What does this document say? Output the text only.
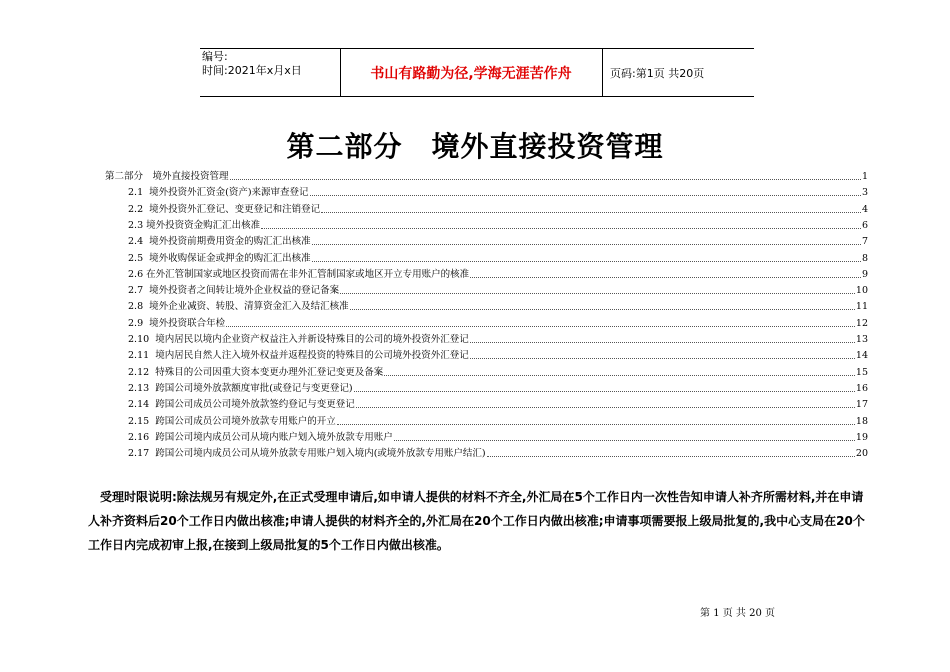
编号:
时间:2021年x月x日	书山有路勤为径,学海无涯苦作舟	页码:第1页 共20页
第二部分　境外直接投资管理
第二部分　境外直接投资管理	1
2.1  境外投资外汇资金(资产)来源审查登记	3
2.2  境外投资外汇登记、变更登记和注销登记	4
2.3 境外投资资金购汇汇出核准	6
2.4  境外投资前期费用资金的购汇汇出核准	7
2.5  境外收购保证金或押金的购汇汇出核准	8
2.6 在外汇管制国家或地区投资而需在非外汇管制国家或地区开立专用账户的核准	9
2.7  境外投资者之间转让境外企业权益的登记备案	10
2.8  境外企业减资、转股、清算资金汇入及结汇核准	11
2.9  境外投资联合年检	12
2.10  境内居民以境内企业资产权益注入并新设特殊目的公司的境外投资外汇登记	13
2.11  境内居民自然人注入境外权益并返程投资的特殊目的公司境外投资外汇登记	14
2.12  特殊目的公司因重大资本变更办理外汇登记变更及备案	15
2.13  跨国公司境外放款额度审批(或登记与变更登记)	16
2.14  跨国公司成员公司境外放款签约登记与变更登记	17
2.15  跨国公司成员公司境外放款专用账户的开立	18
2.16  跨国公司境内成员公司从境内账户划入境外放款专用账户	19
2.17  跨国公司境内成员公司从境外放款专用账户划入境内(或境外放款专用账户结汇)	20
受理时限说明:除法规另有规定外,在正式受理申请后,如申请人提供的材料不齐全,外汇局在5个工作日内一次性告知申请人补齐所需材料,并在申请人补齐资料后20个工作日内做出核准;申请人提供的材料齐全的,外汇局在20个工作日内做出核准;申请事项需要报上级局批复的,我中心支局在20个工作日内完成初审上报,在接到上级局批复的5个工作日内做出核准。
第 1 页 共 20 页
